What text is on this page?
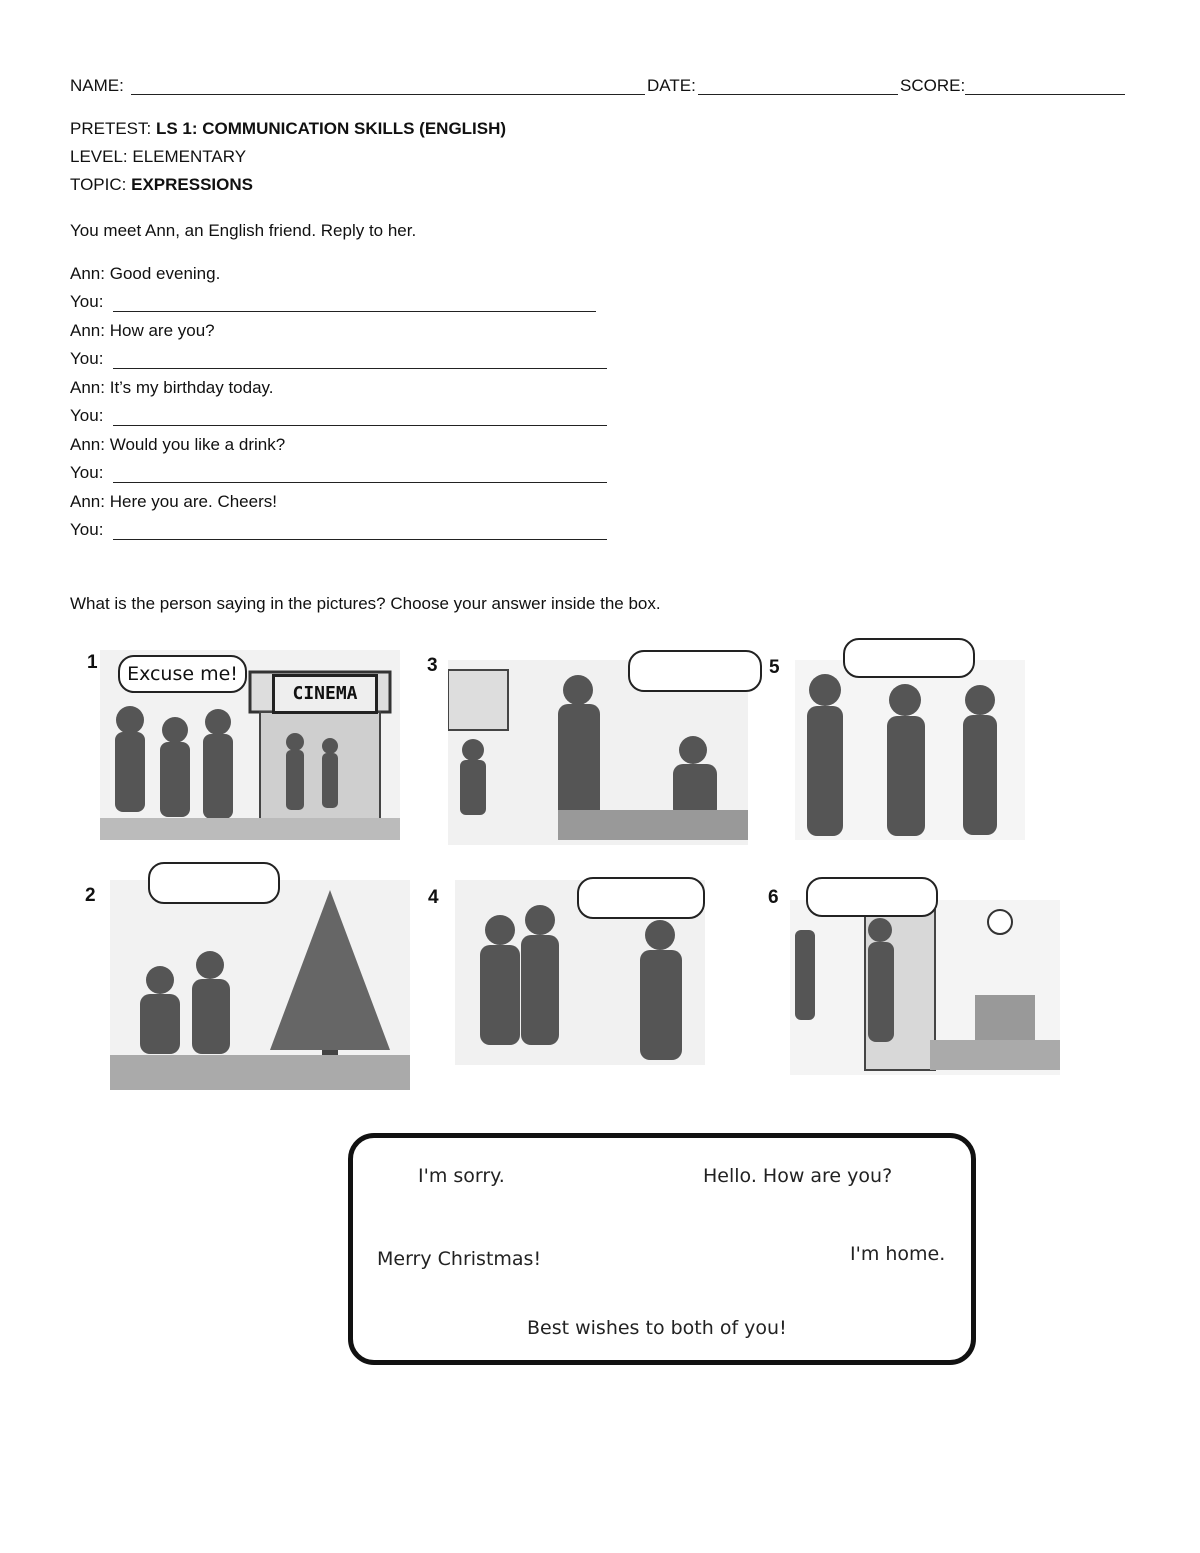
NAME:	DATE:	SCORE:
PRETEST: LS 1: COMMUNICATION SKILLS (ENGLISH)
LEVEL: ELEMENTARY
TOPIC: EXPRESSIONS
You meet Ann, an English friend. Reply to her.
Ann: Good evening.
You:
Ann: How are you?
You:
Ann: It’s my birthday today.
You:
Ann: Would you like a drink?
You:
Ann: Here you are. Cheers!
You:
What is the person saying in the pictures? Choose your answer inside the box.
1
CINEMA
Excuse me!	3	5
2	4	6
I'm sorry.	Hello. How are you?
Merry Christmas!	I'm home.
Best wishes to both of you!
